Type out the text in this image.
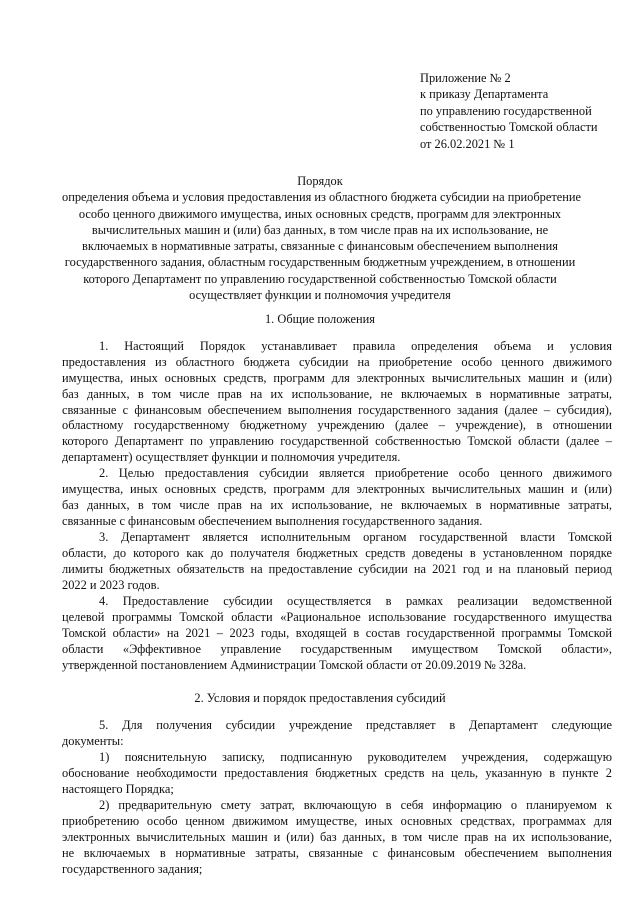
Приложение № 2
к приказу Департамента
по управлению государственной
собственностью Томской области
от 26.02.2021 № 1
Порядок
определения объема и условия предоставления из областного бюджета субсидии на приобретение
особо ценного движимого имущества, иных основных средств, программ для электронных
вычислительных машин и (или) баз данных, в том числе прав на их использование, не
включаемых в нормативные затраты, связанные с финансовым обеспечением выполнения
государственного задания, областным государственным бюджетным учреждением, в отношении
которого Департамент по управлению государственной собственностью Томской области
осуществляет функции и полномочия учредителя
1. Общие положения
1. Настоящий Порядок устанавливает правила определения объема и условия
предоставления из областного бюджета субсидии на приобретение особо ценного движимого
имущества, иных основных средств, программ для электронных вычислительных машин и (или)
баз данных, в том числе прав на их использование, не включаемых в нормативные затраты,
связанные с финансовым обеспечением выполнения государственного задания (далее – субсидия),
областному государственному бюджетному учреждению (далее – учреждение), в отношении
которого Департамент по управлению государственной собственностью Томской области (далее –
департамент) осуществляет функции и полномочия учредителя.
2. Целью предоставления субсидии является приобретение особо ценного движимого
имущества, иных основных средств, программ для электронных вычислительных машин и (или)
баз данных, в том числе прав на их использование, не включаемых в нормативные затраты,
связанные с финансовым обеспечением выполнения государственного задания.
3. Департамент является исполнительным органом государственной власти Томской
области, до которого как до получателя бюджетных средств доведены в установленном порядке
лимиты бюджетных обязательств на предоставление субсидии на 2021 год и на плановый период
2022 и 2023 годов.
4. Предоставление субсидии осуществляется в рамках реализации ведомственной
целевой программы Томской области «Рациональное использование государственного имущества
Томской области» на 2021 – 2023 годы, входящей в состав государственной программы Томской
области «Эффективное управление государственным имуществом Томской области»,
утвержденной постановлением Администрации Томской области от 20.09.2019 № 328а.
2. Условия и порядок предоставления субсидий
5. Для получения субсидии учреждение представляет в Департамент следующие
документы:
1) пояснительную записку, подписанную руководителем учреждения, содержащую
обоснование необходимости предоставления бюджетных средств на цель, указанную в пункте 2
настоящего Порядка;
2) предварительную смету затрат, включающую в себя информацию о планируемом к
приобретению особо ценном движимом имуществе, иных основных средствах, программах для
электронных вычислительных машин и (или) баз данных, в том числе прав на их использование,
не включаемых в нормативные затраты, связанные с финансовым обеспечением выполнения
государственного задания;
